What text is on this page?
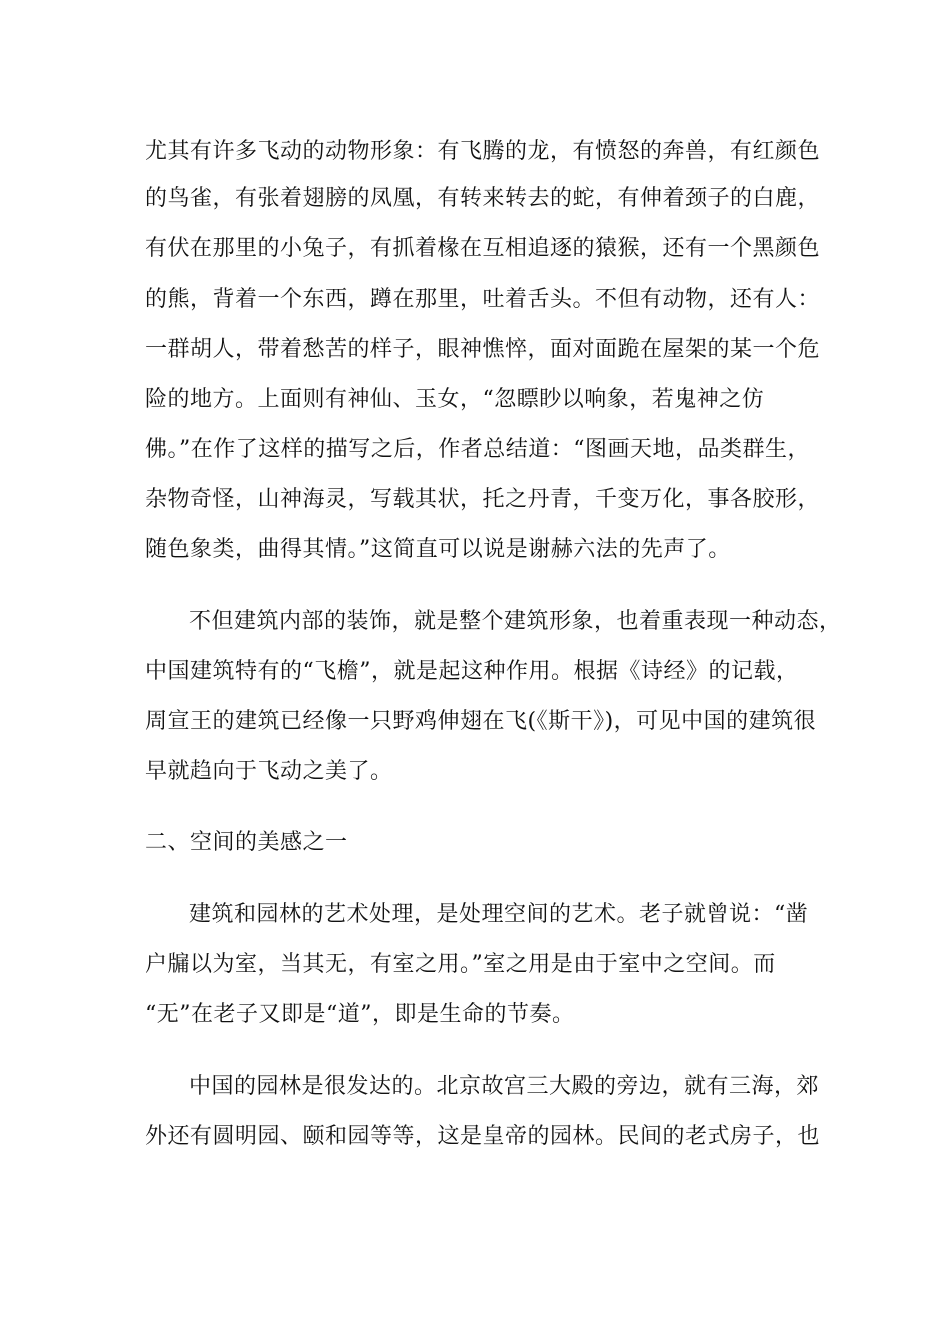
尤其有许多飞动的动物形象：有飞腾的龙，有愤怒的奔兽，有红颜色
的鸟雀，有张着翅膀的凤凰，有转来转去的蛇，有伸着颈子的白鹿，
有伏在那里的小兔子，有抓着椽在互相追逐的猿猴，还有一个黑颜色
的熊，背着一个东西，蹲在那里，吐着舌头。不但有动物，还有人：
一群胡人，带着愁苦的样子，眼神憔悴，面对面跪在屋架的某一个危
险的地方。上面则有神仙、玉女，“忽瞟眇以响象，若鬼神之仿
佛。”在作了这样的描写之后，作者总结道：“图画天地，品类群生，
杂物奇怪，山神海灵，写载其状，托之丹青，千变万化，事各胶形，
随色象类，曲得其情。”这简直可以说是谢赫六法的先声了。
不但建筑内部的装饰，就是整个建筑形象，也着重表现一种动态，
中国建筑特有的“飞檐”，就是起这种作用。根据《诗经》的记载，
周宣王的建筑已经像一只野鸡伸翅在飞(《斯干》)，可见中国的建筑很
早就趋向于飞动之美了。
二、空间的美感之一
建筑和园林的艺术处理，是处理空间的艺术。老子就曾说：“凿
户牖以为室，当其无，有室之用。”室之用是由于室中之空间。而
“无”在老子又即是“道”，即是生命的节奏。
中国的园林是很发达的。北京故宫三大殿的旁边，就有三海，郊
外还有圆明园、颐和园等等，这是皇帝的园林。民间的老式房子，也
